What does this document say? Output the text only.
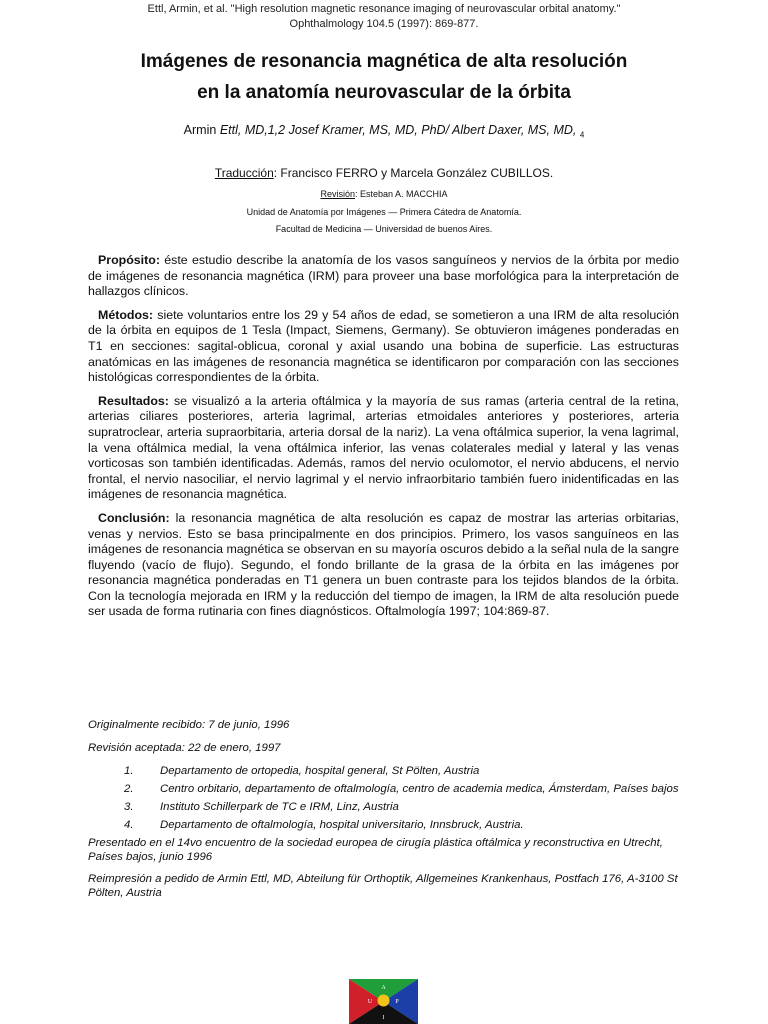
Ettl, Armin, et al. "High resolution magnetic resonance imaging of neurovascular orbital anatomy."
Ophthalmology 104.5 (1997): 869-877.
Imágenes de resonancia magnética de alta resolución
en la anatomía neurovascular de la órbita
Armin Ettl, MD,1,2 Josef Kramer, MS, MD, PhD/ Albert Daxer, MS, MD, $_4$
Traducción: Francisco FERRO y Marcela González CUBILLOS.
Revisión: Esteban A. MACCHIA
Unidad de Anatomía por Imágenes — Primera Cátedra de Anatomía.
Facultad de Medicina — Universidad de buenos Aires.

Propósito: éste estudio describe la anatomía de los vasos sanguíneos y nervios de la órbita por medio de imágenes de resonancia magnética (IRM) para proveer una base morfológica para la interpretación de hallazgos clínicos.

Métodos: siete voluntarios entre los 29 y 54 años de edad, se sometieron a una IRM de alta resolución de la órbita en equipos de 1 Tesla (Impact, Siemens, Germany). Se obtuvieron imágenes ponderadas en T1 en secciones: sagital-oblicua, coronal y axial usando una bobina de superficie. Las estructuras anatómicas en las imágenes de resonancia magnética se identificaron por comparación con las secciones histológicas correspondientes de la órbita.

Resultados: se visualizó a la arteria oftálmica y la mayoría de sus ramas (arteria central de la retina, arterias ciliares posteriores, arteria lagrimal, arterias etmoidales anteriores y posteriores, arteria supratroclear, arteria supraorbitaria, arteria dorsal de la nariz). La vena oftálmica superior, la vena lagrimal, la vena oftálmica medial, la vena oftálmica inferior, las venas colaterales medial y lateral y las venas vorticosas son también identificadas. Además, ramos del nervio oculomotor, el nervio abducens, el nervio frontal, el nervio nasociliar, el nervio lagrimal y el nervio infraorbitario también fuero inidentificadas en las imágenes de resonancia magnética.

Conclusión: la resonancia magnética de alta resolución es capaz de mostrar las arterias orbitarias, venas y nervios. Esto se basa principalmente en dos principios. Primero, los vasos sanguíneos en las imágenes de resonancia magnética se observan en su mayoría oscuros debido a la señal nula de la sangre fluyendo (vacío de flujo). Segundo, el fondo brillante de la grasa de la órbita en las imágenes por resonancia magnética ponderadas en T1 genera un buen contraste para los tejidos blandos de la órbita. Con la tecnología mejorada en IRM y la reducción del tiempo de imagen, la IRM de alta resolución puede ser usada de forma rutinaria con fines diagnósticos. Oftalmología 1997; 104:869-87.

Originalmente recibido: 7 de junio, 1996

Revisión aceptada: 22 de enero, 1997

1.	Departamento de ortopedia, hospital general, St Pölten, Austria
2.	Centro orbitario, departamento de oftalmología, centro de academia medica, Ámsterdam, Países bajos
3.	Instituto Schillerpark de TC e IRM, Linz, Austria
4.	Departamento de oftalmología, hospital universitario, Innsbruck, Austria.

Presentado en el 14vo encuentro de la sociedad europea de cirugía plástica oftálmica y reconstructiva en Utrecht, Países bajos, junio 1996

Reimpresión a pedido de Armin Ettl, MD, Abteilung für Orthoptik, Allgemeines Krankenhaus, Postfach 176, A-3100 St Pölten, Austria

A
U	P
I
